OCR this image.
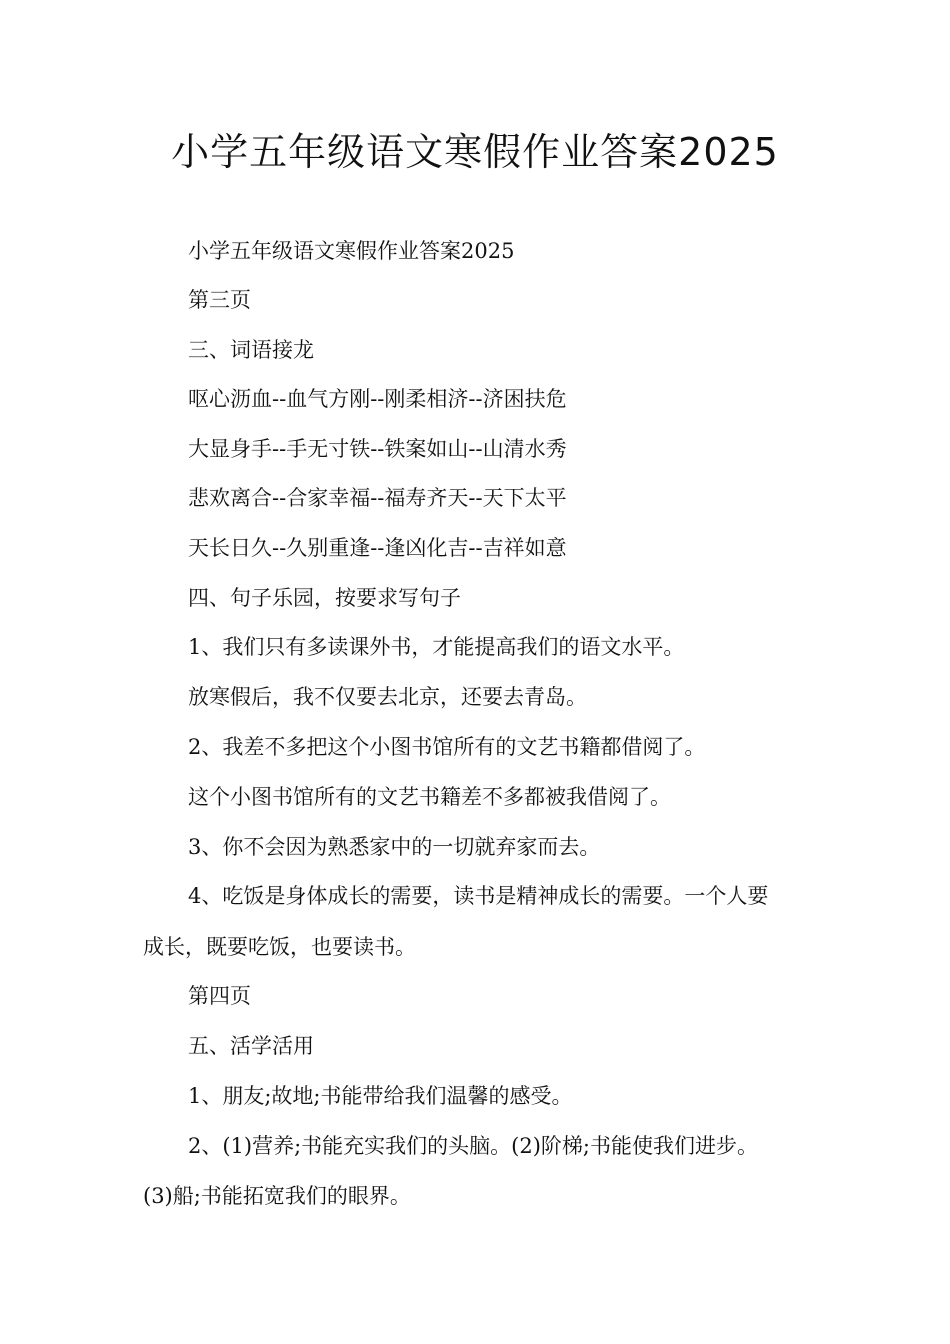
小学五年级语文寒假作业答案2025
小学五年级语文寒假作业答案2025
第三页
三、词语接龙
呕心沥血--血气方刚--刚柔相济--济困扶危
大显身手--手无寸铁--铁案如山--山清水秀
悲欢离合--合家幸福--福寿齐天--天下太平
天长日久--久别重逢--逢凶化吉--吉祥如意
四、句子乐园，按要求写句子
1、我们只有多读课外书，才能提高我们的语文水平。
放寒假后，我不仅要去北京，还要去青岛。
2、我差不多把这个小图书馆所有的文艺书籍都借阅了。
这个小图书馆所有的文艺书籍差不多都被我借阅了。
3、你不会因为熟悉家中的一切就弃家而去。
4、吃饭是身体成长的需要，读书是精神成长的需要。一个人要
成长，既要吃饭，也要读书。
第四页
五、活学活用
1、朋友;故地;书能带给我们温馨的感受。
2、(1)营养;书能充实我们的头脑。(2)阶梯;书能使我们进步。
(3)船;书能拓宽我们的眼界。
